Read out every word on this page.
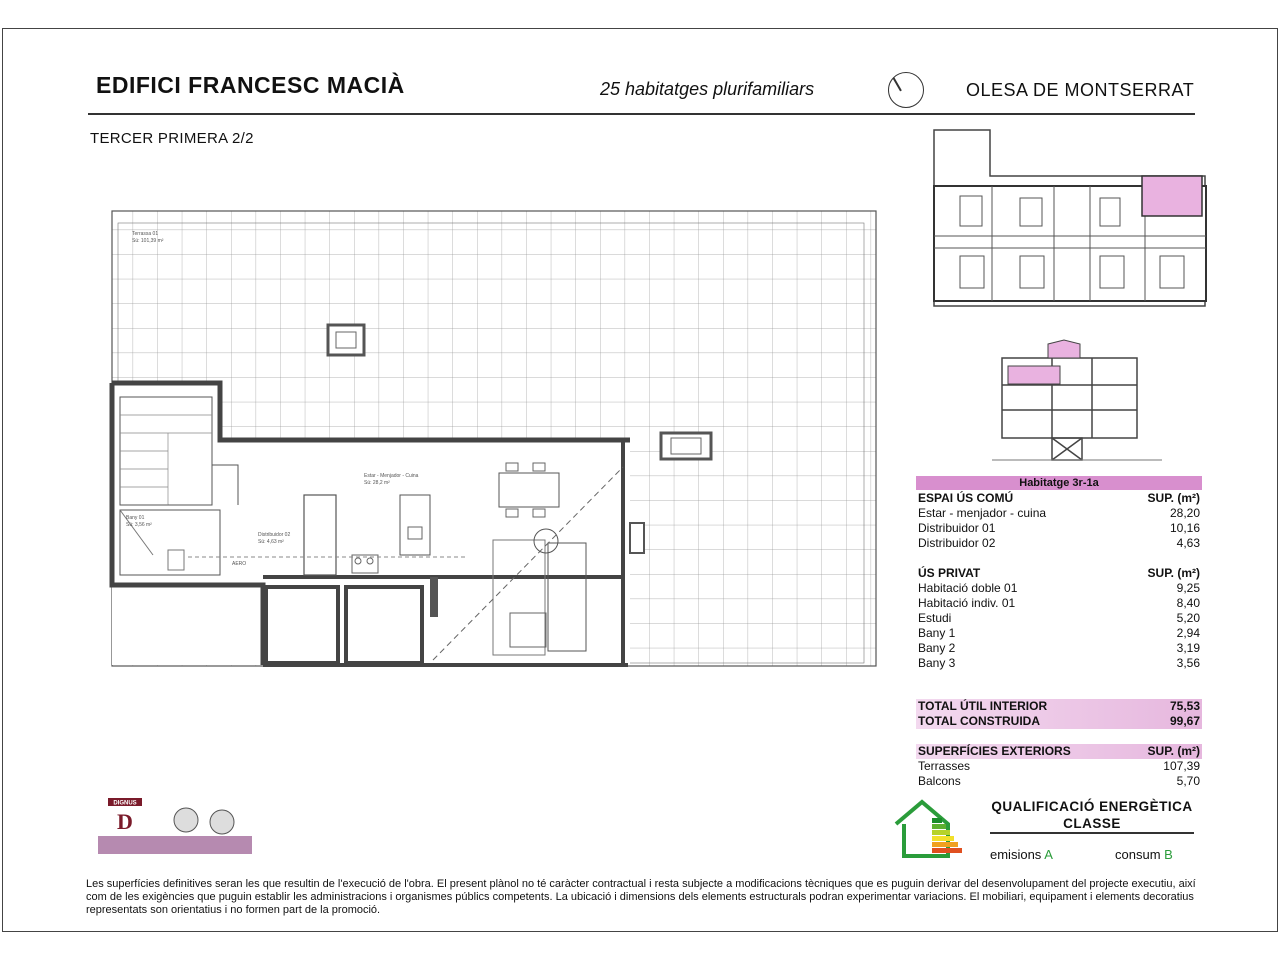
EDIFICI FRANCESC MACIÀ	25 habitatges plurifamiliars	OLESA DE MONTSERRAT
TERCER PRIMERA 2/2
Terrassa 01
Sú: 101,39 m²
Estar - Menjador - Cuina
Sú: 28,2 m²
Distribuidor 02
Sú: 4,63 m²
Bany 01
Sú: 3,56 m²
AERO
Habitatge 3r-1a
ESPAI ÚS COMÚ	SUP. (m²)
Estar - menjador - cuina	28,20
Distribuidor 01	10,16
Distribuidor 02	4,63
ÚS PRIVAT	SUP. (m²)
Habitació doble 01	9,25
Habitació indiv. 01	8,40
Estudi	5,20
Bany 1	2,94
Bany 2	3,19
Bany 3	3,56
TOTAL ÚTIL INTERIOR	75,53
TOTAL CONSTRUIDA	99,67
SUPERFÍCIES EXTERIORS	SUP. (m²)
Terrasses	107,39
Balcons	5,70
DIGNUS
D
QUALIFICACIÓ ENERGÈTICA
CLASSE
emisions A	consum B
Les superfícies definitives seran les que resultin de l'execució de l'obra. El present plànol no té caràcter contractual i resta subjecte a modificacions tècniques que es puguin derivar del desenvolupament del projecte executiu, així com de les exigències que puguin establir les administracions i organismes públics competents. La ubicació i dimensions dels elements estructurals podran experimentar variacions. El mobiliari, equipament i elements decoratius representats son orientatius i no formen part de la promoció.
